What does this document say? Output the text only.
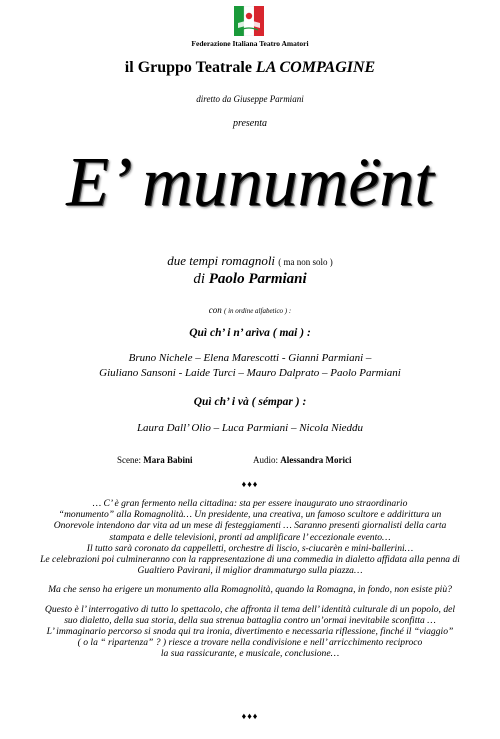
Federazione Italiana Teatro Amatori
il Gruppo Teatrale LA COMPAGINE
diretto da Giuseppe Parmiani
presenta
E’ munumënt
due tempi romagnoli ( ma non solo )
di Paolo Parmiani
con ( in ordine alfabetico ) :
Quì ch’ i n’ arìva ( mai ) :
Bruno Nichele – Elena Marescotti - Gianni Parmiani –
Giuliano Sansoni - Laide Turci – Mauro Dalprato – Paolo Parmiani
Quì ch’ i và ( sémpar ) :
Laura Dall’ Olio – Luca Parmiani – Nicola Nieddu
Scene: Mara Babini	Audio: Alessandra Morici
♦♦♦
… C’ è gran fermento nella cittadina: sta per essere inaugurato uno straordinario
“monumento” alla Romagnolità… Un presidente, una creativa, un famoso scultore e addirittura un
Onorevole intendono dar vita ad un mese di festeggiamenti … Saranno presenti giornalisti della carta
stampata e delle televisioni, pronti ad amplificare l’ eccezionale evento…
Il tutto sarà coronato da cappelletti, orchestre di liscio, s-ciucarèn e mini-ballerini…
Le celebrazioni poi culmineranno con la rappresentazione di una commedia in dialetto affidata alla penna di
Gualtiero Pavirani, il miglior drammaturgo sulla piazza…

Ma che senso ha erigere un monumento alla Romagnolità, quando la Romagna, in fondo, non esiste più?

Questo è l’ interrogativo di tutto lo spettacolo, che affronta il tema dell’ identità culturale di un popolo, del
suo dialetto, della sua storia, della sua strenua battaglia contro un’ormai inevitabile sconfitta …
L’ immaginario percorso si snoda qui tra ironia, divertimento e necessaria riflessione, finché il “viaggio”
( o la “ ripartenza” ? ) riesce a trovare nella condivisione e nell’ arricchimento reciproco
la sua rassicurante, e musicale, conclusione…
♦♦♦
